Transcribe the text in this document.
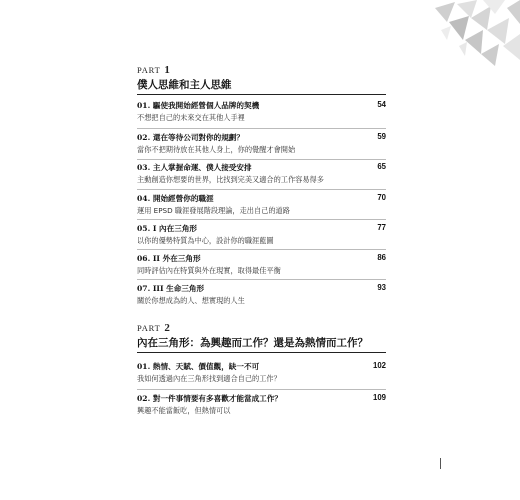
PART 1
僕人思維和主人思維
01. 驅使我開始經營個人品牌的契機	54
不想把自己的未來交在其他人手裡
02. 還在等待公司對你的規劃？	59
當你不把期待放在其他人身上，你的覺醒才會開始
03. 主人掌握命運、僕人接受安排	65
主動創造你想要的世界，比找到完美又適合的工作容易得多
04. 開始經營你的職涯	70
運用 EPSD 職涯發展階段理論，走出自己的道路
05. I 內在三角形	77
以你的優勢特質為中心，設計你的職涯藍圖
06. II 外在三角形	86
同時評估內在特質與外在現實，取得最佳平衡
07. III 生命三角形	93
關於你想成為的人、想實現的人生
PART 2
內在三角形：為興趣而工作？還是為熱情而工作？
01. 熱情、天賦、價值觀，缺一不可	102
我如何透過內在三角形找到適合自己的工作？
02. 對一件事情要有多喜歡才能當成工作？	109
興趣不能當飯吃，但熱情可以
